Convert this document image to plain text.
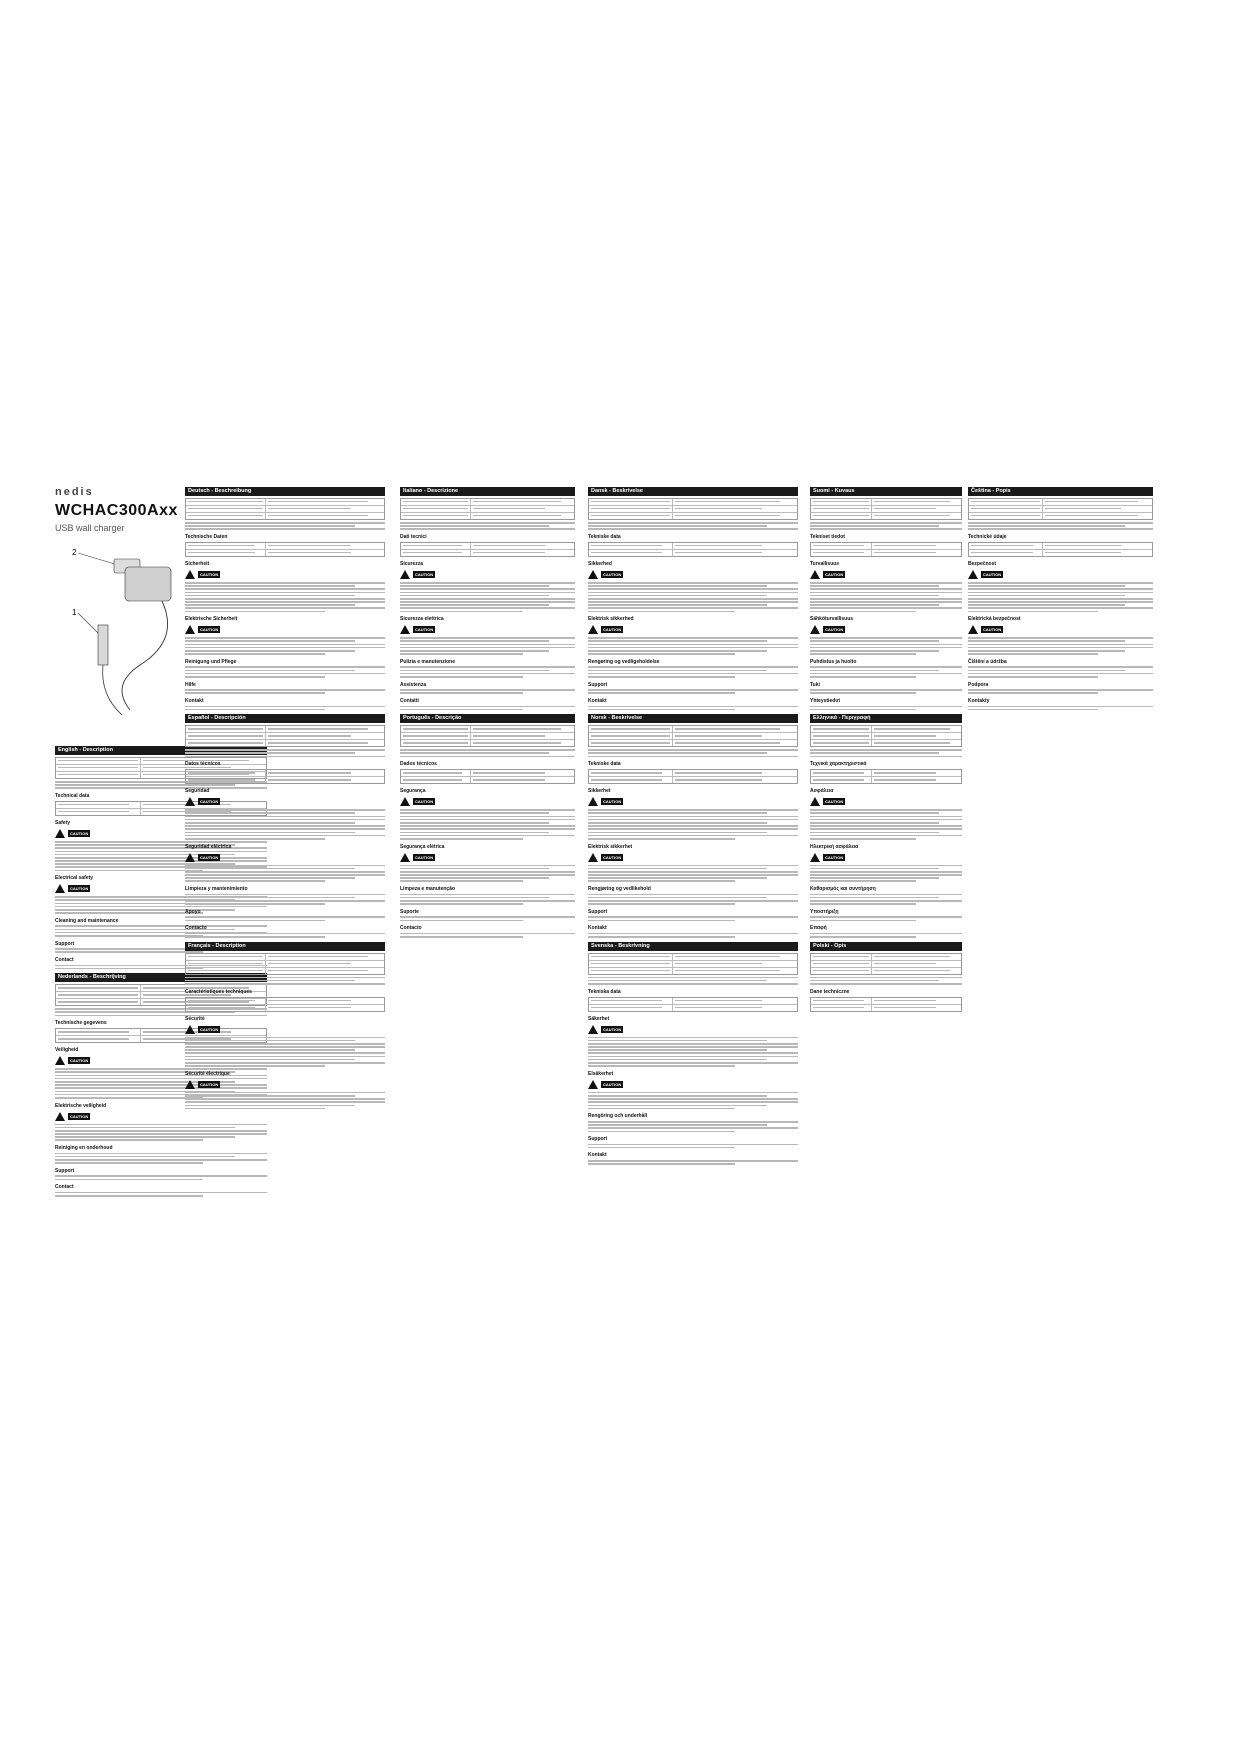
nedis
WCHAC300Axx
USB wall charger
2
1
English - Description
Technical data
Safety
CAUTION
Electrical safety
CAUTION
Cleaning and maintenance
Support
Contact
Nederlands - Beschrijving
Technische gegevens
Veiligheid
CAUTION
Elektrische veiligheid
CAUTION
Reiniging en onderhoud
Support
Contact
Deutsch - Beschreibung
Technische Daten
Sicherheit
CAUTION
Elektrische Sicherheit
CAUTION
Reinigung und Pflege
Hilfe
Kontakt
Español - Descripción
Datos técnicos
Seguridad
CAUTION
Seguridad eléctrica
CAUTION
Limpieza y mantenimiento
Apoyo
Contacto
Français - Description
Caractéristiques techniques
Sécurité
CAUTION
Sécurité électrique
CAUTION
Italiano - Descrizione
Dati tecnici
Sicurezza
CAUTION
Sicurezza elettrica
CAUTION
Pulizia e manutenzione
Assistenza
Contatti
Português - Descrição
Dados técnicos
Segurança
CAUTION
Segurança elétrica
CAUTION
Limpeza e manutenção
Suporte
Contacto
Dansk - Beskrivelse
Tekniske data
Sikkerhed
CAUTION
Elektrisk sikkerhed
CAUTION
Rengøring og vedligeholdelse
Support
Kontakt
Norsk - Beskrivelse
Tekniske data
Sikkerhet
CAUTION
Elektrisk sikkerhet
CAUTION
Rengjøring og vedlikehold
Support
Kontakt
Svenska - Beskrivning
Tekniska data
Säkerhet
CAUTION
Elsäkerhet
CAUTION
Rengöring och underhåll
Support
Kontakt
Suomi - Kuvaus
Tekniset tiedot
Turvallisuus
CAUTION
Sähköturvallisuus
CAUTION
Puhdistus ja huolto
Tuki
Yhteystiedot
Ελληνικά - Περιγραφή
Τεχνικά χαρακτηριστικά
Ασφάλεια
CAUTION
Ηλεκτρική ασφάλεια
CAUTION
Καθαρισμός και συντήρηση
Υποστήριξη
Επαφή
Polski - Opis
Dane techniczne
Čeština - Popis
Technické údaje
Bezpečnost
CAUTION
Elektrická bezpečnost
CAUTION
Čištění a údržba
Podpora
Kontakty
